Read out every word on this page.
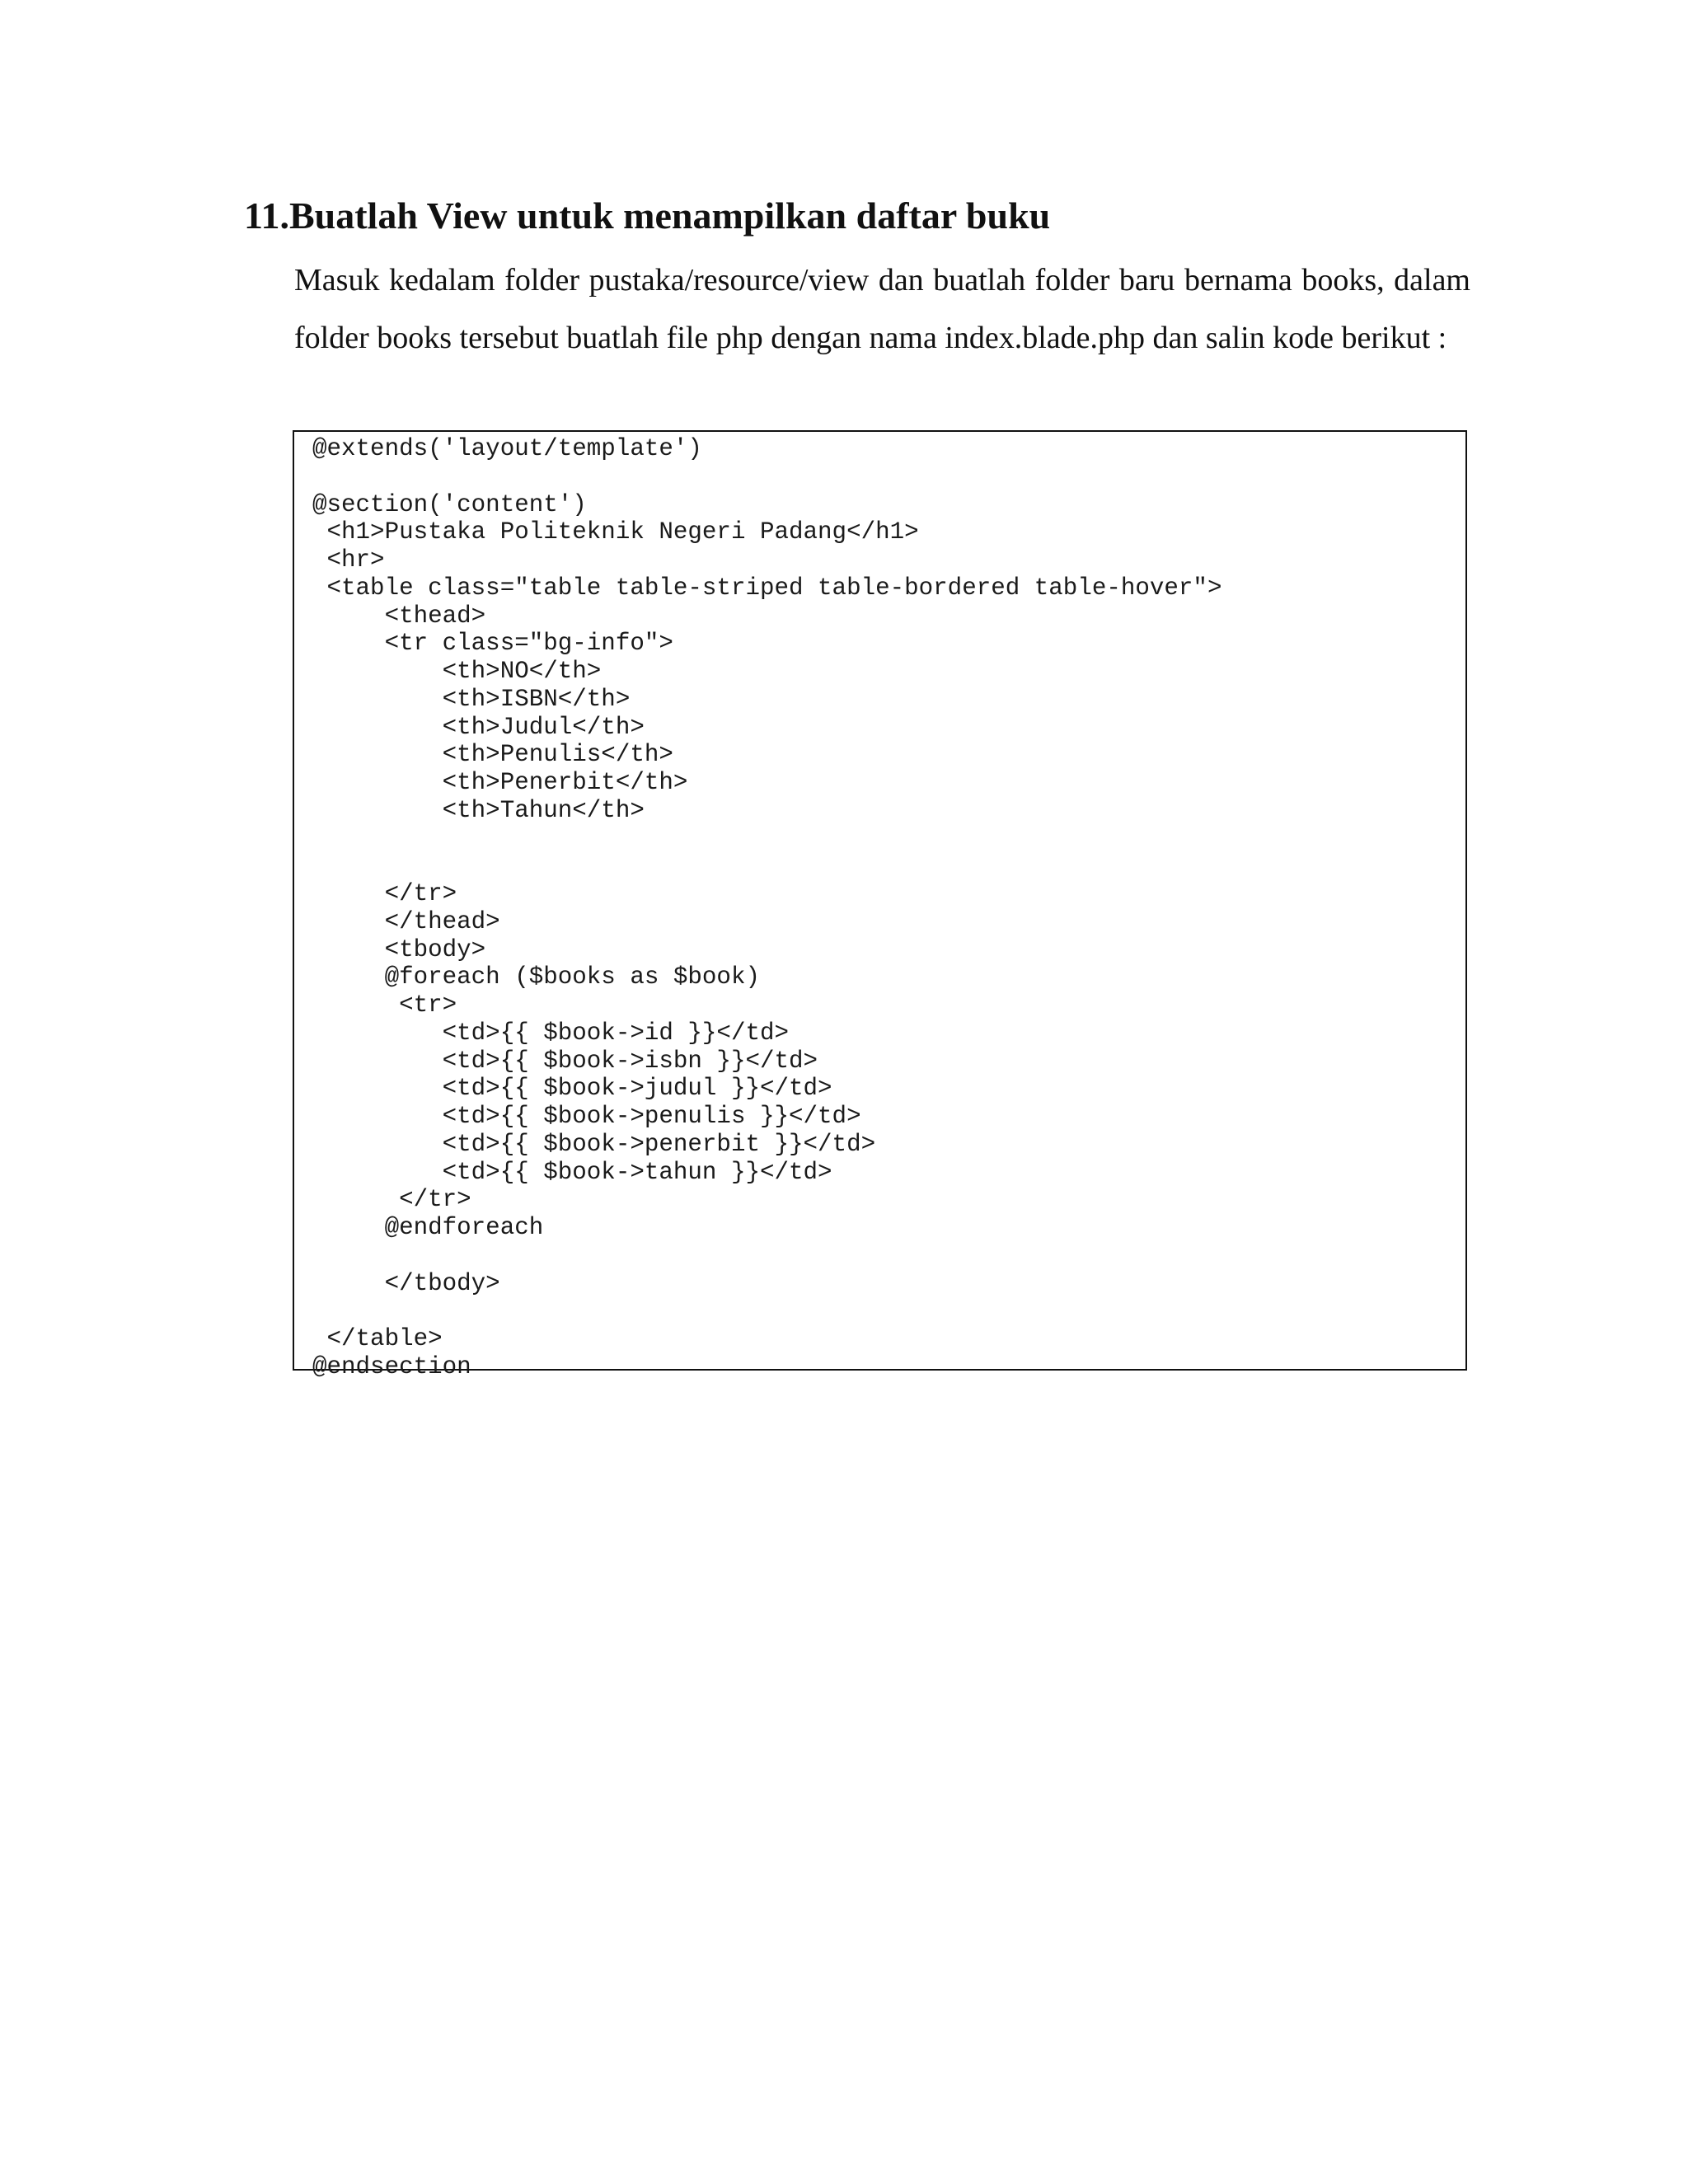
11.Buatlah View untuk menampilkan daftar buku

Masuk kedalam folder pustaka/resource/view dan buatlah folder baru bernama books, dalam folder books tersebut buatlah file php dengan nama index.blade.php dan salin kode berikut :

@extends('layout/template')

@section('content')
<h1>Pustaka Politeknik Negeri Padang</h1>
<hr>
<table class="table table-striped table-bordered table-hover">
<thead>
<tr class="bg-info">
<th>NO</th>
<th>ISBN</th>
<th>Judul</th>
<th>Penulis</th>
<th>Penerbit</th>
<th>Tahun</th>

</tr>
</thead>
<tbody>
@foreach ($books as $book)
<tr>
<td>{{ $book->id }}</td>
<td>{{ $book->isbn }}</td>
<td>{{ $book->judul }}</td>
<td>{{ $book->penulis }}</td>
<td>{{ $book->penerbit }}</td>
<td>{{ $book->tahun }}</td>
</tr>
@endforeach

</tbody>

</table>
@endsection
